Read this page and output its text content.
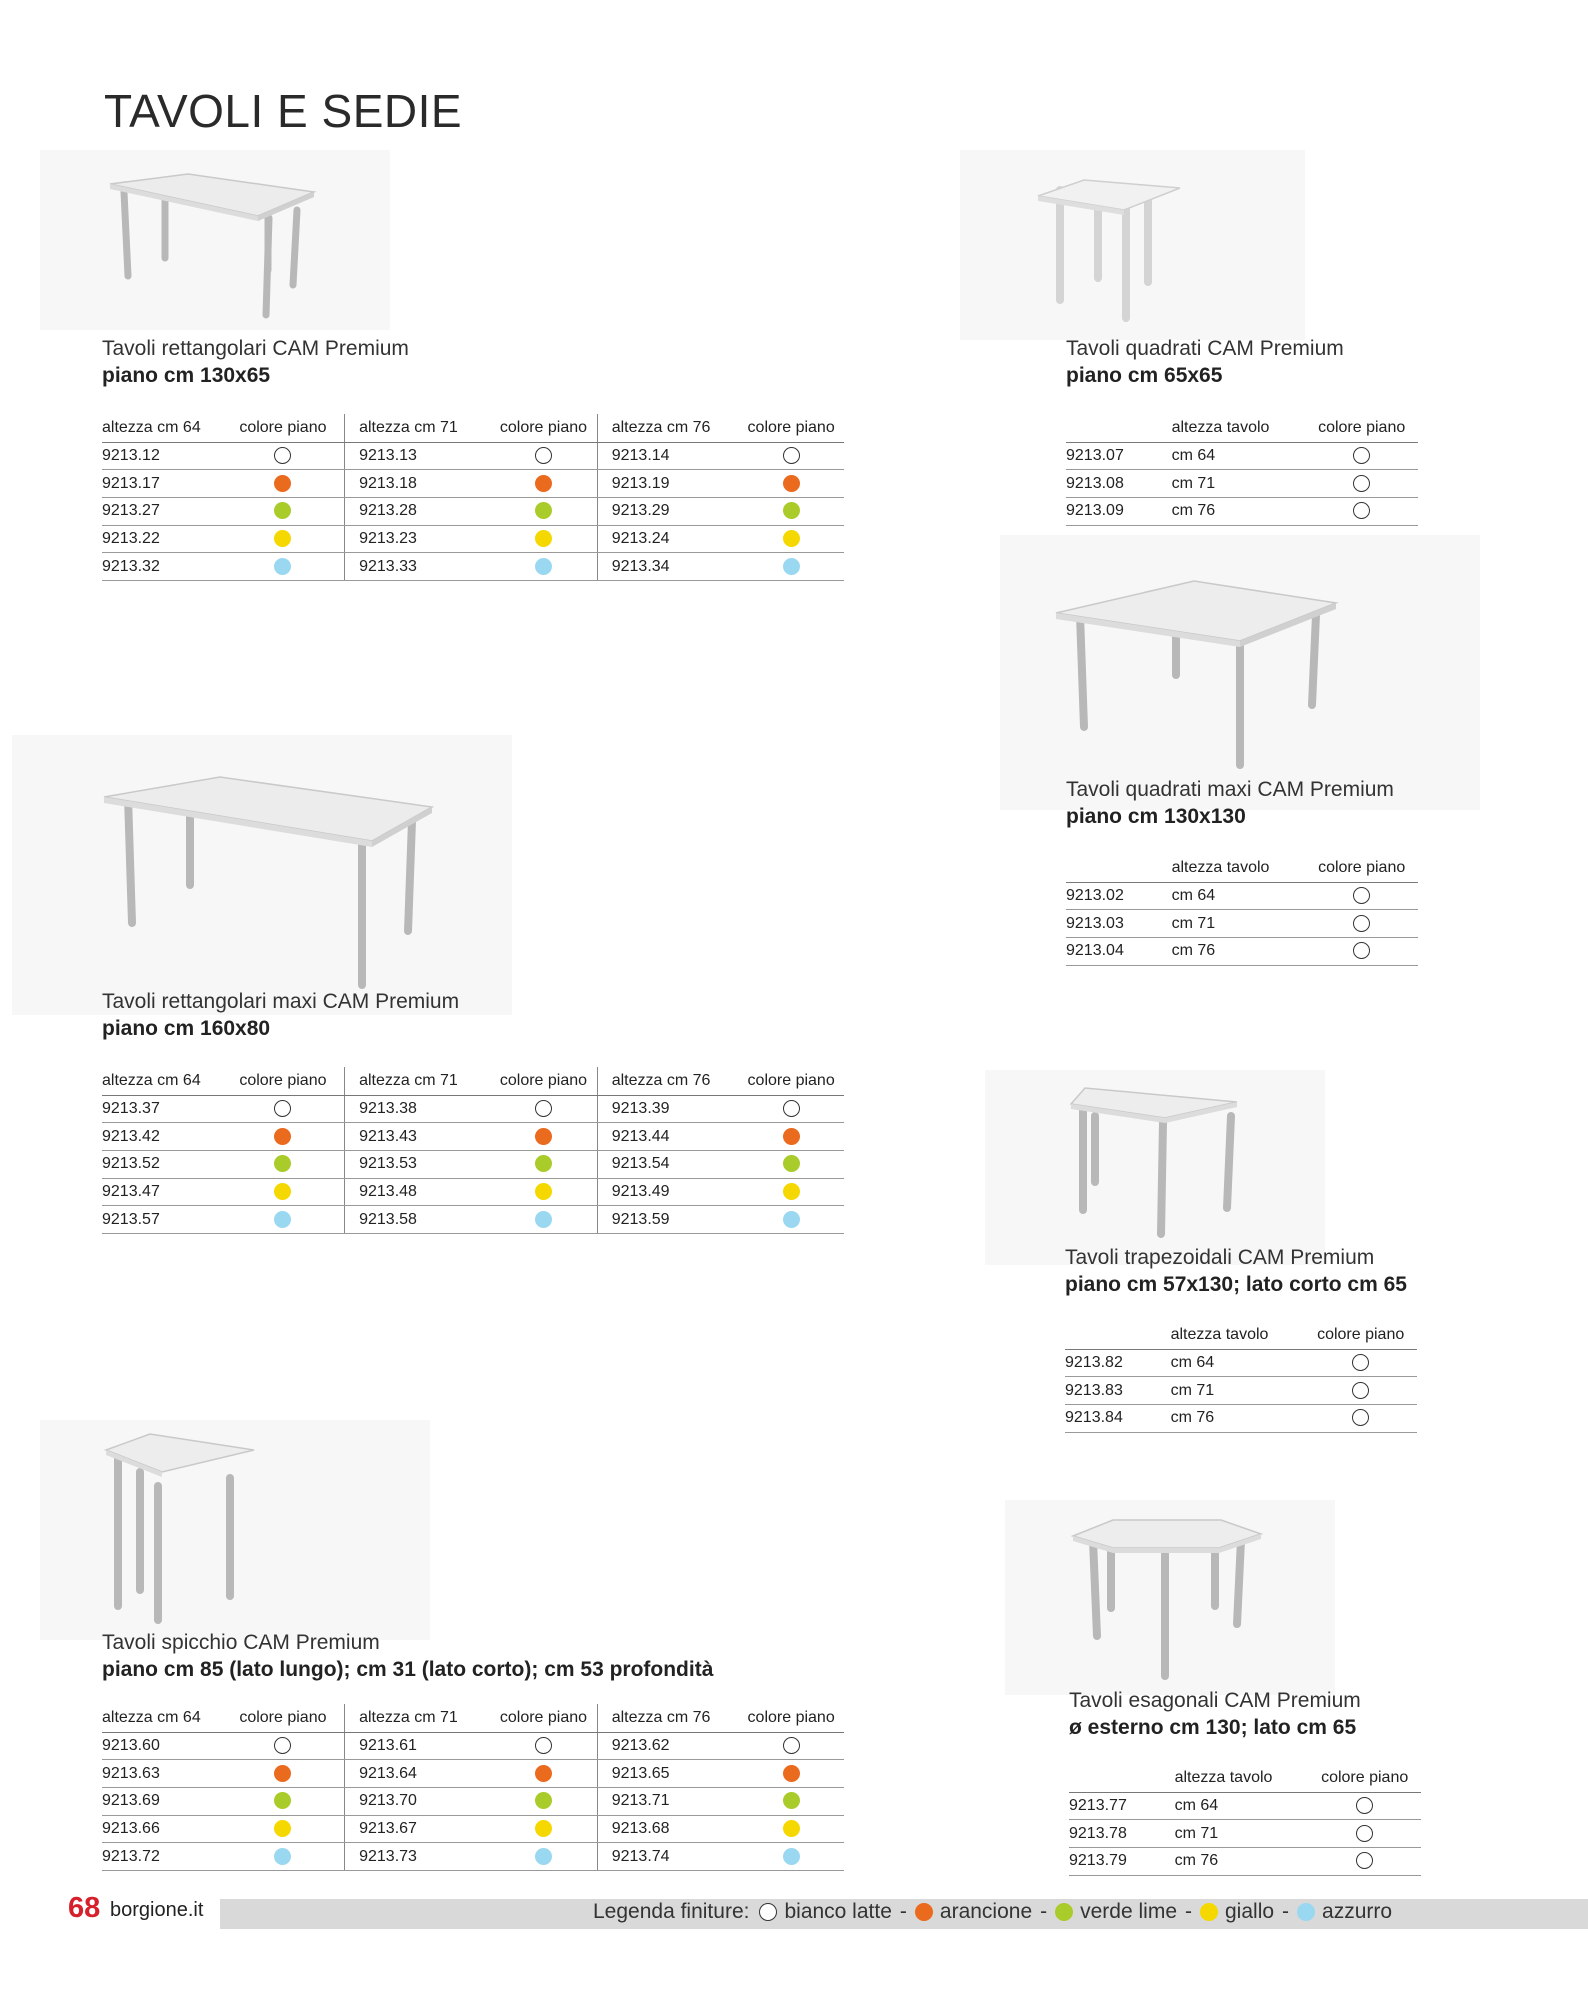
TAVOLI E SEDIE
Tavoli rettangolari CAM Premium
piano cm 130x65
Tavoli rettangolari maxi CAM Premium
piano cm 160x80
Tavoli spicchio CAM Premium
piano cm 85 (lato lungo); cm 31 (lato corto); cm 53 profondità
Tavoli quadrati CAM Premium
piano cm 65x65
Tavoli quadrati maxi CAM Premium
piano cm 130x130
Tavoli trapezoidali CAM Premium
piano cm 57x130; lato corto cm 65
Tavoli esagonali CAM Premium
ø esterno cm 130; lato cm 65
altezza cm 64	colore piano	altezza cm 71	colore piano	altezza cm 76	colore piano
9213.12		9213.13		9213.14	
9213.17		9213.18		9213.19	
9213.27		9213.28		9213.29	
9213.22		9213.23		9213.24	
9213.32		9213.33		9213.34	
altezza cm 64	colore piano	altezza cm 71	colore piano	altezza cm 76	colore piano
9213.37		9213.38		9213.39	
9213.42		9213.43		9213.44	
9213.52		9213.53		9213.54	
9213.47		9213.48		9213.49	
9213.57		9213.58		9213.59	
altezza cm 64	colore piano	altezza cm 71	colore piano	altezza cm 76	colore piano
9213.60		9213.61		9213.62	
9213.63		9213.64		9213.65	
9213.69		9213.70		9213.71	
9213.66		9213.67		9213.68	
9213.72		9213.73		9213.74	
	altezza tavolo	colore piano
9213.07	cm 64	
9213.08	cm 71	
9213.09	cm 76	
	altezza tavolo	colore piano
9213.02	cm 64	
9213.03	cm 71	
9213.04	cm 76	
	altezza tavolo	colore piano
9213.82	cm 64	
9213.83	cm 71	
9213.84	cm 76	
	altezza tavolo	colore piano
9213.77	cm 64	
9213.78	cm 71	
9213.79	cm 76	
68 borgione.it	Legenda finiture: bianco latte - arancione - verde lime - giallo - azzurro
